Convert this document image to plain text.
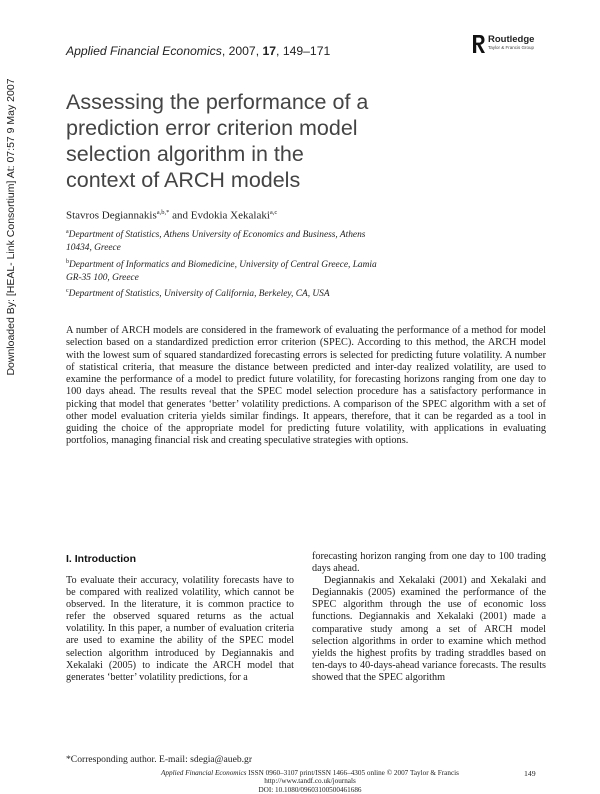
Downloaded By: [HEAL- Link Consortium] At: 07:57 9 May 2007
Applied Financial Economics, 2007, 17, 149–171
Routledge
Taylor & Francis Group
Assessing the performance of a prediction error criterion model selection algorithm in the context of ARCH models
Stavros Degiannakis$^{a,b,*}$ and Evdokia Xekalaki$^{a,c}$
$^a$Department of Statistics, Athens University of Economics and Business, Athens 10434, Greece
$^b$Department of Informatics and Biomedicine, University of Central Greece, Lamia GR-35 100, Greece
$^c$Department of Statistics, University of California, Berkeley, CA, USA
A number of ARCH models are considered in the framework of evaluating the performance of a method for model selection based on a standardized prediction error criterion (SPEC). According to this method, the ARCH model with the lowest sum of squared standardized forecasting errors is selected for predicting future volatility. A number of statistical criteria, that measure the distance between predicted and inter-day realized volatility, are used to examine the performance of a model to predict future volatility, for forecasting horizons ranging from one day to 100 days ahead. The results reveal that the SPEC model selection procedure has a satisfactory performance in picking that model that generates ‘better’ volatility predictions. A comparison of the SPEC algorithm with a set of other model evaluation criteria yields similar findings. It appears, therefore, that it can be regarded as a tool in guiding the choice of the appropriate model for predicting future volatility, with applications in evaluating portfolios, managing financial risk and creating speculative strategies with options.
I. Introduction

To evaluate their accuracy, volatility forecasts have to be compared with realized volatility, which cannot be observed. In the literature, it is common practice to refer the observed squared returns as the actual volatility. In this paper, a number of evaluation criteria are used to examine the ability of the SPEC model selection algorithm introduced by Degiannakis and Xekalaki (2005) to indicate the ARCH model that generates ‘better’ volatility predictions, for a

forecasting horizon ranging from one day to 100 trading days ahead.

Degiannakis and Xekalaki (2001) and Xekalaki and Degiannakis (2005) examined the performance of the SPEC algorithm through the use of economic loss functions. Degiannakis and Xekalaki (2001) made a comparative study among a set of ARCH model selection algorithms in order to examine which method yields the highest profits by trading straddles based on ten-days to 40-days-ahead variance forecasts. The results showed that the SPEC algorithm

*Corresponding author. E-mail: sdegia@aueb.gr
Applied Financial Economics ISSN 0960–3107 print/ISSN 1466–4305 online © 2007 Taylor & Francis
http://www.tandf.co.uk/journals
DOI: 10.1080/09603100500461686
149
